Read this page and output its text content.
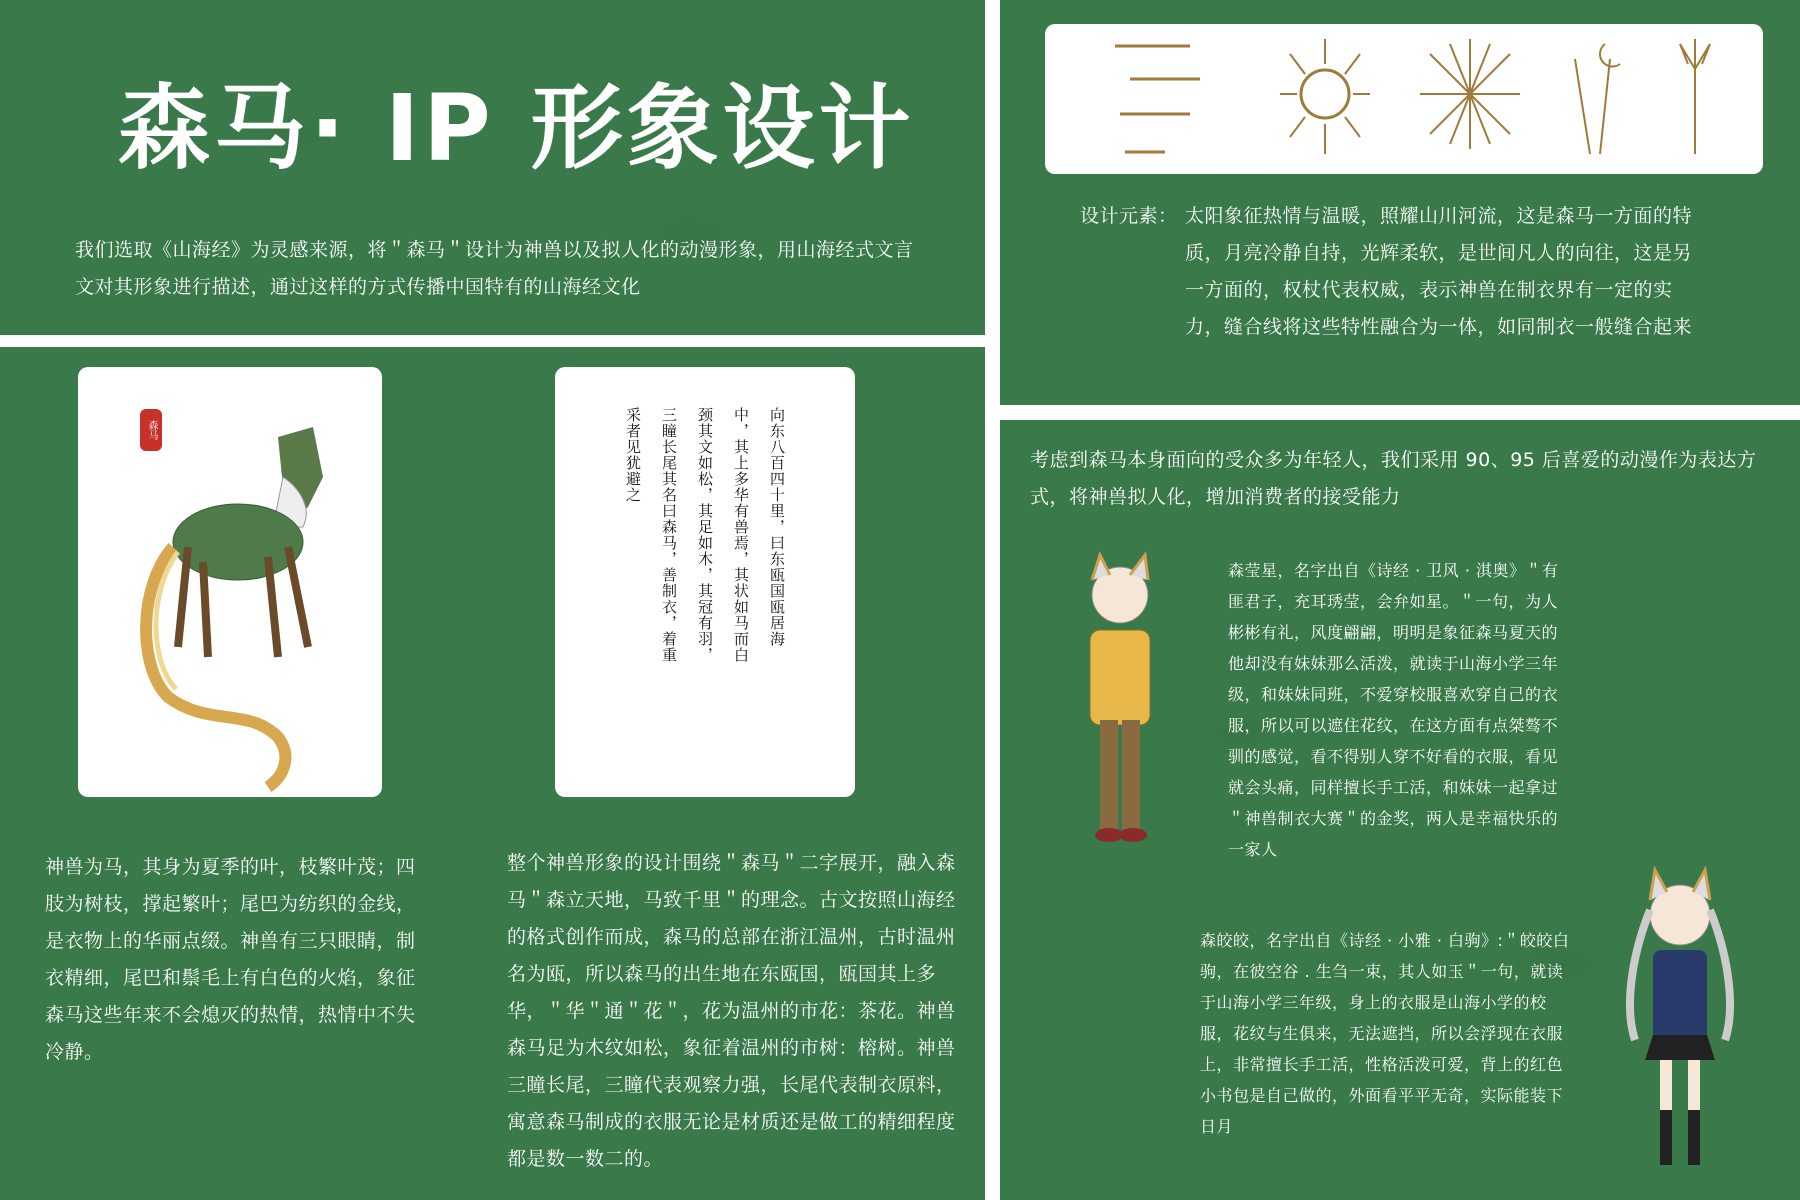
森马· IP 形象设计
我们选取《山海经》为灵感来源，将＂森马＂设计为神兽以及拟人化的动漫形象，用山海经式文言文对其形象进行描述，通过这样的方式传播中国特有的山海经文化
森马	向东八百四十里，曰东瓯国瓯居海中，其上多华有兽焉，其状如马而白颈其文如松，其足如木，其冠有羽，三瞳长尾其名曰森马，善制衣，着重采者见犹避之
神兽为马，其身为夏季的叶，枝繁叶茂；四肢为树枝，撑起繁叶；尾巴为纺织的金线，是衣物上的华丽点缀。神兽有三只眼睛，制衣精细，尾巴和鬃毛上有白色的火焰，象征森马这些年来不会熄灭的热情，热情中不失冷静。
整个神兽形象的设计围绕＂森马＂二字展开，融入森马＂森立天地，马致千里＂的理念。古文按照山海经的格式创作而成，森马的总部在浙江温州，古时温州名为瓯，所以森马的出生地在东瓯国，瓯国其上多华，＂华＂通＂花＂，花为温州的市花：茶花。神兽森马足为木纹如松，象征着温州的市树：榕树。神兽三瞳长尾，三瞳代表观察力强，长尾代表制衣原料，寓意森马制成的衣服无论是材质还是做工的精细程度都是数一数二的。
设计元素： 太阳象征热情与温暖，照耀山川河流，这是森马一方面的特质，月亮冷静自持，光辉柔软，是世间凡人的向往，这是另一方面的，权杖代表权威，表示神兽在制衣界有一定的实力，缝合线将这些特性融合为一体，如同制衣一般缝合起来
考虑到森马本身面向的受众多为年轻人，我们采用 90、95 后喜爱的动漫作为表达方式，将神兽拟人化，增加消费者的接受能力
森莹星，名字出自《诗经 · 卫风 · 淇奥》＂有匪君子，充耳琇莹，会弁如星。＂一句，为人彬彬有礼，风度翩翩，明明是象征森马夏天的他却没有妹妹那么活泼，就读于山海小学三年级，和妹妹同班，不爱穿校服喜欢穿自己的衣服，所以可以遮住花纹，在这方面有点桀骜不驯的感觉，看不得别人穿不好看的衣服，看见就会头痛，同样擅长手工活，和妹妹一起拿过＂神兽制衣大赛＂的金奖，两人是幸福快乐的一家人
森皎皎，名字出自《诗经 · 小雅 · 白驹》:＂皎皎白驹，在彼空谷 . 生刍一束，其人如玉＂一句，就读于山海小学三年级，身上的衣服是山海小学的校服，花纹与生俱来，无法遮挡，所以会浮现在衣服上，非常擅长手工活，性格活泼可爱，背上的红色小书包是自己做的，外面看平平无奇，实际能装下日月
